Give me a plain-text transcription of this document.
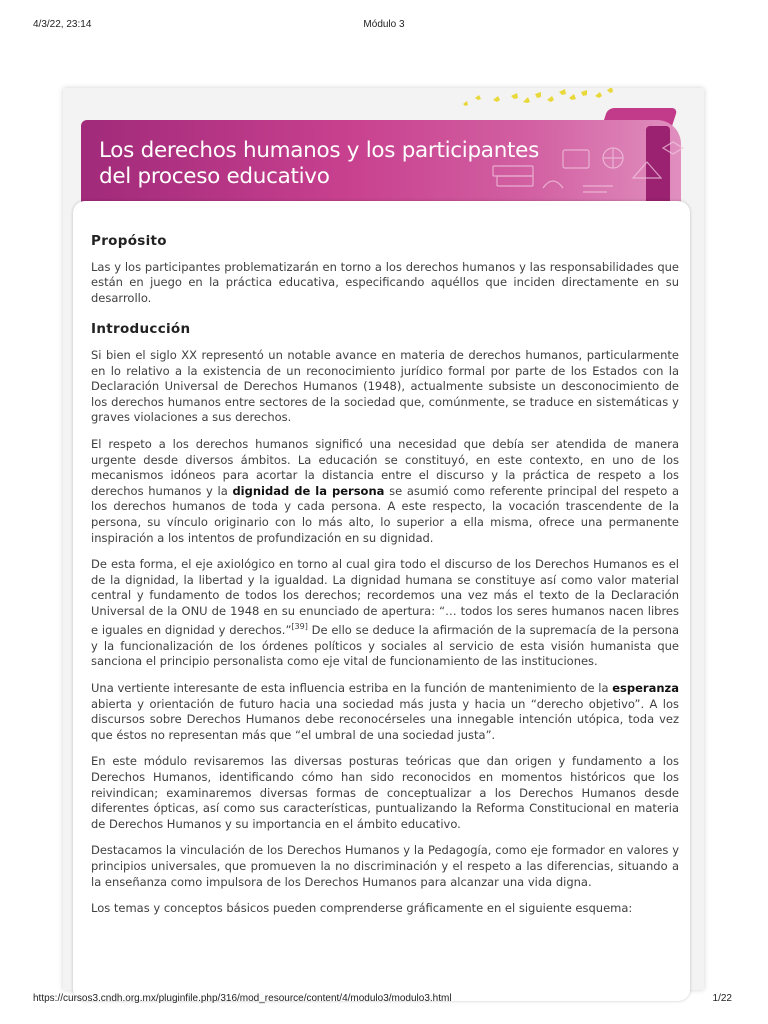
4/3/22, 23:14	Módulo 3
Los derechos humanos y los participantes
del proceso educativo
Propósito

Las y los participantes problematizarán en torno a los derechos humanos y las responsabilidades que están en juego en la práctica educativa, especificando aquéllos que inciden directamente en su desarrollo.

Introducción

Si bien el siglo XX representó un notable avance en materia de derechos humanos, particularmente en lo relativo a la existencia de un reconocimiento jurídico formal por parte de los Estados con la Declaración Universal de Derechos Humanos (1948), actualmente subsiste un desconocimiento de los derechos humanos entre sectores de la sociedad que, comúnmente, se traduce en sistemáticas y graves violaciones a sus derechos.

El respeto a los derechos humanos significó una necesidad que debía ser atendida de manera urgente desde diversos ámbitos. La educación se constituyó, en este contexto, en uno de los mecanismos idóneos para acortar la distancia entre el discurso y la práctica de respeto a los derechos humanos y la dignidad de la persona se asumió como referente principal del respeto a los derechos humanos de toda y cada persona. A este respecto, la vocación trascendente de la persona, su vínculo originario con lo más alto, lo superior a ella misma, ofrece una permanente inspiración a los intentos de profundización en su dignidad.

De esta forma, el eje axiológico en torno al cual gira todo el discurso de los Derechos Humanos es el de la dignidad, la libertad y la igualdad. La dignidad humana se constituye así como valor material central y fundamento de todos los derechos; recordemos una vez más el texto de la Declaración Universal de la ONU de 1948 en su enunciado de apertura: “… todos los seres humanos nacen libres e iguales en dignidad y derechos.”[39] De ello se deduce la afirmación de la supremacía de la persona y la funcionalización de los órdenes políticos y sociales al servicio de esta visión humanista que sanciona el principio personalista como eje vital de funcionamiento de las instituciones.

Una vertiente interesante de esta influencia estriba en la función de mantenimiento de la esperanza abierta y orientación de futuro hacia una sociedad más justa y hacia un “derecho objetivo”. A los discursos sobre Derechos Humanos debe reconocérseles una innegable intención utópica, toda vez que éstos no representan más que “el umbral de una sociedad justa”.

En este módulo revisaremos las diversas posturas teóricas que dan origen y fundamento a los Derechos Humanos, identificando cómo han sido reconocidos en momentos históricos que los reivindican; examinaremos diversas formas de conceptualizar a los Derechos Humanos desde diferentes ópticas, así como sus características, puntualizando la Reforma Constitucional en materia de Derechos Humanos y su importancia en el ámbito educativo.

Destacamos la vinculación de los Derechos Humanos y la Pedagogía, como eje formador en valores y principios universales, que promueven la no discriminación y el respeto a las diferencias, situando a la enseñanza como impulsora de los Derechos Humanos para alcanzar una vida digna.

Los temas y conceptos básicos pueden comprenderse gráficamente en el siguiente esquema:

https://cursos3.cndh.org.mx/pluginfile.php/316/mod_resource/content/4/modulo3/modulo3.html	1/22
